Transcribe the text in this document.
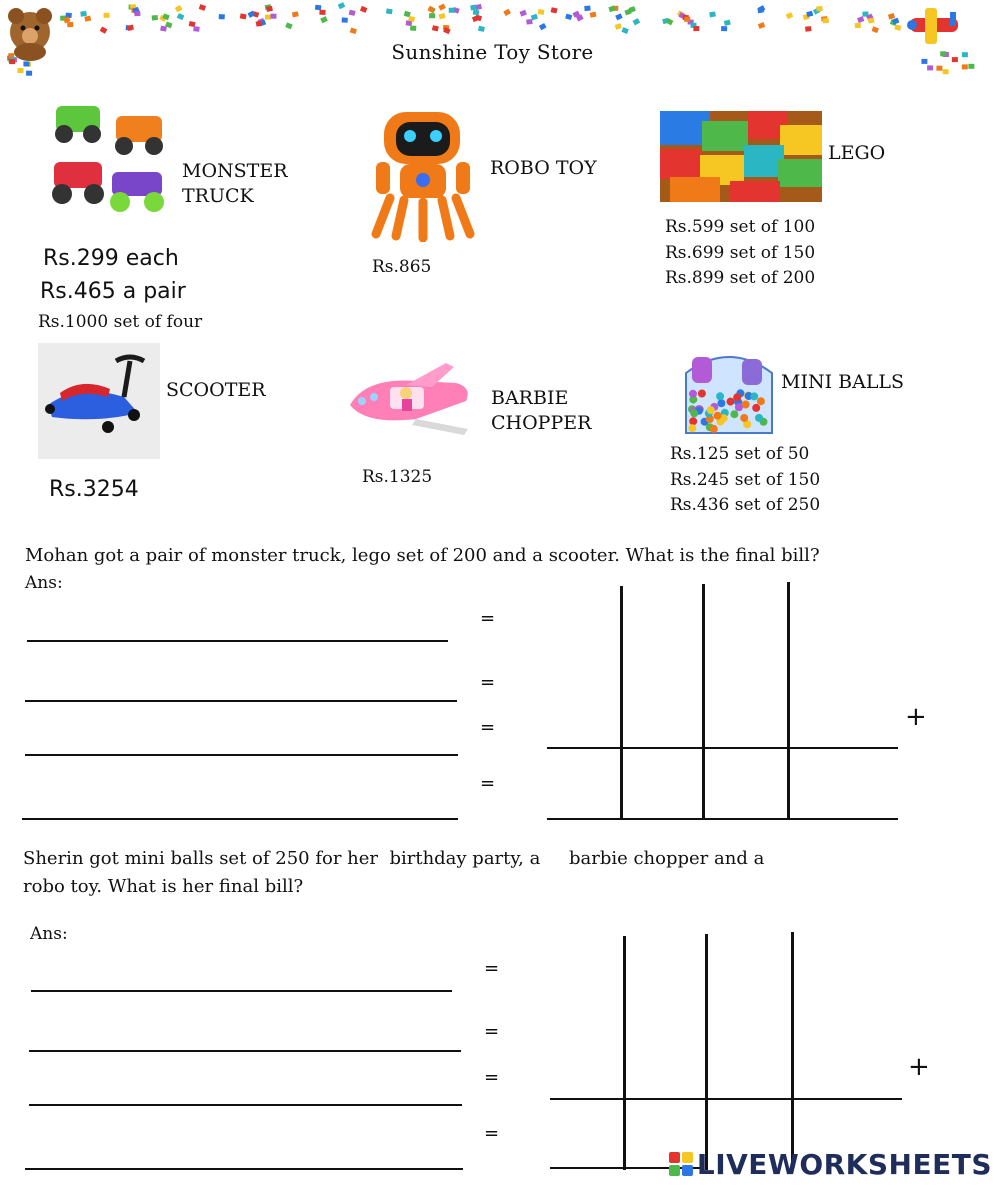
Sunshine Toy Store
MONSTER
TRUCK
Rs.299 each
Rs.465 a pair
Rs.1000 set of four
ROBO TOY
Rs.865
LEGO
Rs.599 set of 100
Rs.699 set of 150
Rs.899 set of 200
SCOOTER
Rs.3254
BARBIE
CHOPPER
Rs.1325
MINI BALLS
Rs.125 set of 50
Rs.245 set of 150
Rs.436 set of 250
Mohan got a pair of monster truck, lego set of 200 and a scooter. What is the final bill?
Ans:
=
=
=
=
+
Sherin got mini balls set of 250 for her  birthday party, a     barbie chopper and a
robo toy. What is her final bill?
Ans:
=
=
=
=
+
LIVEWORKSHEETS
